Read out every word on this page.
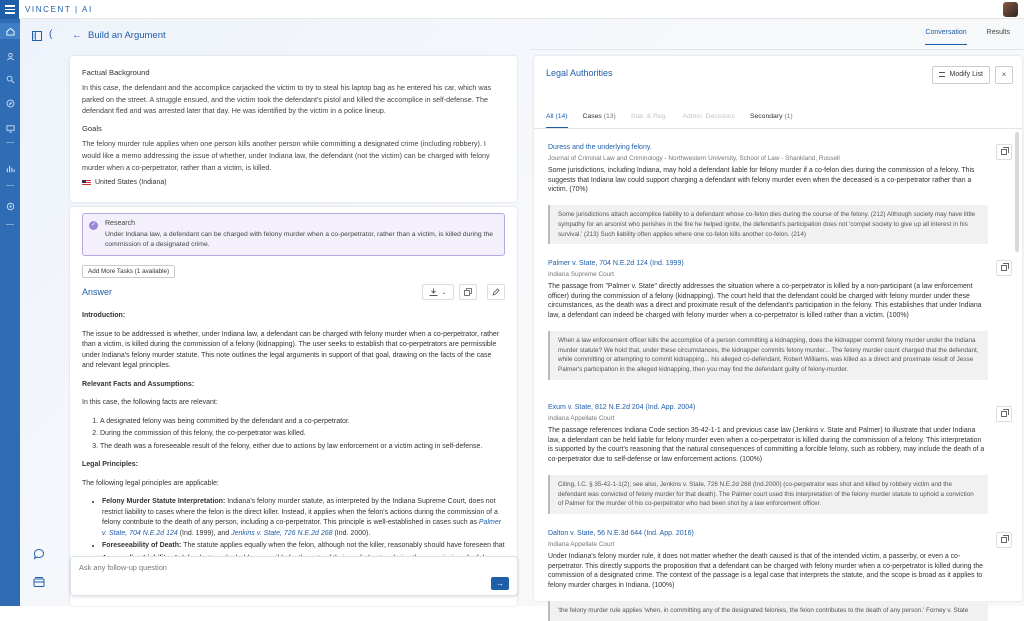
VINCENT | AI
( ← Build an Argument	Conversation	Results
Factual Background

In this case, the defendant and the accomplice carjacked the victim to try to steal his laptop bag as he entered his car, which was parked on the street. A struggle ensued, and the victim took the defendant's pistol and killed the accomplice in self-defense. The defendant fled and was arrested later that day. He was identified by the victim in a police lineup.

Goals

The felony murder rule applies when one person kills another person while committing a designated crime (including robbery). I would like a memo addressing the issue of whether, under Indiana law, the defendant (not the victim) can be charged with felony murder when a co-perpetrator, rather than a victim, is killed.

United States (Indiana)
✓ Research
Under Indiana law, a defendant can be charged with felony murder when a co-perpetrator, rather than a victim, is killed during the commission of a designated crime.
Add More Tasks (1 available)
Answer	⌄
Introduction:

The issue to be addressed is whether, under Indiana law, a defendant can be charged with felony murder when a co-perpetrator, rather than a victim, is killed during the commission of a felony (kidnapping). The user seeks to establish that co-perpetrators are permissible under Indiana's felony murder statute. This note outlines the legal arguments in support of that goal, drawing on the facts of the case and relevant legal principles.

Relevant Facts and Assumptions:

In this case, the following facts are relevant:

1. A designated felony was being committed by the defendant and a co-perpetrator.
2. During the commission of this felony, the co-perpetrator was killed.
3. The death was a foreseeable result of the felony, either due to actions by law enforcement or a victim acting in self-defense.
Legal Principles:

The following legal principles are applicable:

• Felony Murder Statute Interpretation: Indiana's felony murder statute, as interpreted by the Indiana Supreme Court, does not restrict liability to cases where the felon is the direct killer. Instead, it applies when the felon's actions during the commission of a felony contribute to the death of any person, including a co-perpetrator. This principle is well-established in cases such as Palmer v. State, 704 N.E.2d 124 (Ind. 1999), and Jenkins v. State, 726 N.E.2d 268 (Ind. 2000).
• Foreseeability of Death: The statute applies equally when the felon, although not the killer, reasonably should have foreseen that
•
Ask any follow-up question
→
Legal Authorities	Modify List	×
All (14) Cases (13) Stat. & Reg. Admin. Decisions Secondary (1)
Duress and the underlying felony.
Journal of Criminal Law and Criminology - Northwestern University, School of Law - Shankland, Russell
Some jurisdictions, including Indiana, may hold a defendant liable for felony murder if a co-felon dies during the commission of a felony. This suggests that Indiana law could support charging a defendant with felony murder even when the deceased is a co-perpetrator rather than a victim. (70%)
Some jurisdictions attach accomplice liability to a defendant whose co-felon dies during the course of the felony. (212) Although society may have little sympathy for an arsonist who perishes in the fire he helped ignite, the defendant's participation does not 'compel society to give up all interest in his survival.' (213) Such liability often applies where one co-felon kills another co-felon. (214)
Palmer v. State, 704 N.E.2d 124 (Ind. 1999)
Indiana Supreme Court
The passage from "Palmer v. State" directly addresses the situation where a co-perpetrator is killed by a non-participant (a law enforcement officer) during the commission of a felony (kidnapping). The court held that the defendant could be charged with felony murder under these circumstances, as the death was a direct and proximate result of the defendant's participation in the felony. This establishes that under Indiana law, a defendant can indeed be charged with felony murder when a co-perpetrator is killed rather than a victim. (100%)
When a law enforcement officer kills the accomplice of a person committing a kidnapping, does the kidnapper commit felony murder under the Indiana murder statute? We hold that, under these circumstances, the kidnapper commits felony murder... The felony murder count charged that the defendant, while committing or attempting to commit kidnapping... his alleged co-defendant, Robert Williams, was killed as a direct and proximate result of Jesse Palmer's participation in the alleged kidnapping, then you may find the defendant guilty of felony-murder.
Exum v. State, 812 N.E.2d 204 (Ind. App. 2004)
Indiana Appellate Court
The passage references Indiana Code section 35-42-1-1 and previous case law (Jenkins v. State and Palmer) to illustrate that under Indiana law, a defendant can be held liable for felony murder even when a co-perpetrator is killed during the commission of a felony. This interpretation is supported by the court's reasoning that the natural consequences of committing a forcible felony, such as robbery, may include the death of a co-perpetrator due to self-defense or law enforcement actions. (100%)
Citing, I.C. § 35-42-1-1(2); see also, Jenkins v. State, 726 N.E.2d 268 (Ind.2000) (co-perpetrator was shot and killed by robbery victim and the defendant was convicted of felony murder for that death). The Palmer court used this interpretation of the felony murder statute to uphold a conviction of Palmer for the murder of his co-perpetrator who had been shot by a law enforcement officer.
Dalton v. State, 56 N.E.3d 644 (Ind. App. 2016)
Indiana Appellate Court
Under Indiana's felony murder rule, it does not matter whether the death caused is that of the intended victim, a passerby, or even a co-perpetrator. This directly supports the proposition that a defendant can be charged with felony murder when a co-perpetrator is killed during the commission of a designated crime. The context of the passage is a legal case that interprets the statute, and the scope is broad as it applies to felony murder charges in Indiana. (100%)
'the felony murder rule applies 'when, in committing any of the designated felonies, the felon contributes to the death of any person.' Forney v. State
